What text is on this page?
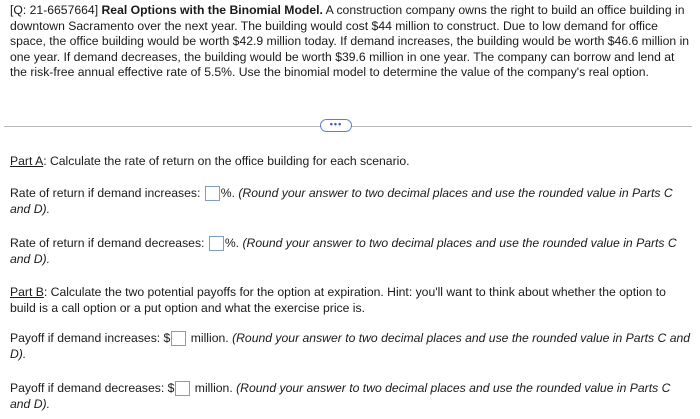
[Q: 21-6657664] Real Options with the Binomial Model. A construction company owns the right to build an office building in downtown Sacramento over the next year. The building would cost $44 million to construct. Due to low demand for office space, the office building would be worth $42.9 million today. If demand increases, the building would be worth $46.6 million in one year. If demand decreases, the building would be worth $39.6 million in one year. The company can borrow and lend at the risk-free annual effective rate of 5.5%. Use the binomial model to determine the value of the company's real option.
•••
Part A: Calculate the rate of return on the office building for each scenario.
Rate of return if demand increases: %. (Round your answer to two decimal places and use the rounded value in Parts C and D).
Rate of return if demand decreases: %. (Round your answer to two decimal places and use the rounded value in Parts C and D).
Part B: Calculate the two potential payoffs for the option at expiration. Hint: you'll want to think about whether the option to build is a call option or a put option and what the exercise price is.
Payoff if demand increases: $ million. (Round your answer to two decimal places and use the rounded value in Parts C and D).
Payoff if demand decreases: $ million. (Round your answer to two decimal places and use the rounded value in Parts C and D).
